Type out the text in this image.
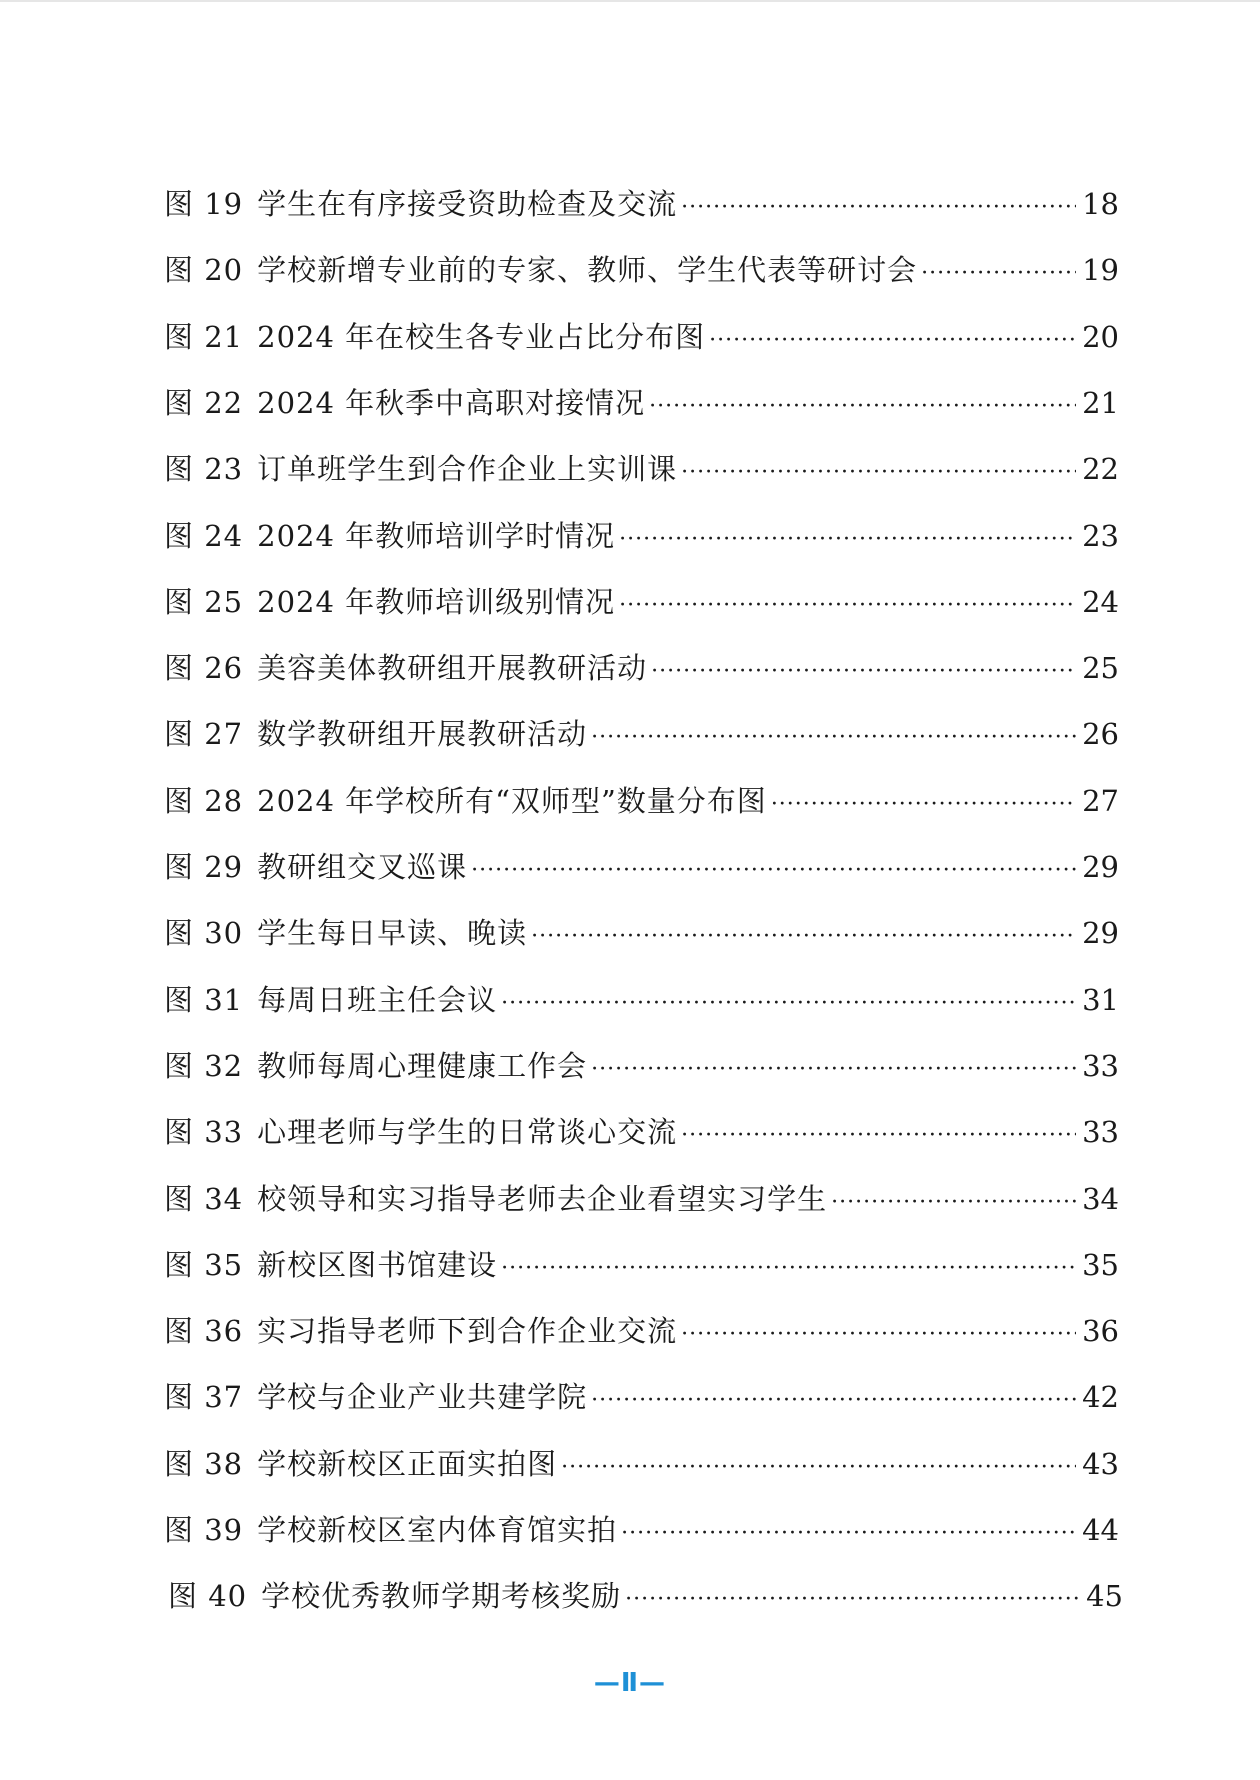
图 19 学生在有序接受资助检查及交流 ·····	18
图 20 学校新增专业前的专家、教师、学生代表等研讨会 ·····	19
图 21 2024 年在校生各专业占比分布图 ·····	20
图 22 2024 年秋季中高职对接情况 ·····	21
图 23 订单班学生到合作企业上实训课 ·····	22
图 24 2024 年教师培训学时情况 ·····	23
图 25 2024 年教师培训级别情况 ·····	24
图 26 美容美体教研组开展教研活动 ·····	25
图 27 数学教研组开展教研活动 ·····	26
图 28 2024 年学校所有“双师型”数量分布图 ·····	27
图 29 教研组交叉巡课 ·····	29
图 30 学生每日早读、晚读 ·····	29
图 31 每周日班主任会议 ·····	31
图 32 教师每周心理健康工作会 ·····	33
图 33 心理老师与学生的日常谈心交流 ·····	33
图 34 校领导和实习指导老师去企业看望实习学生 ·····	34
图 35 新校区图书馆建设 ·····	35
图 36 实习指导老师下到合作企业交流 ·····	36
图 37 学校与企业产业共建学院 ·····	42
图 38 学校新校区正面实拍图 ·····	43
图 39 学校新校区室内体育馆实拍 ·····	44
图 40 学校优秀教师学期考核奖励 ·····	45
—Ⅱ—
